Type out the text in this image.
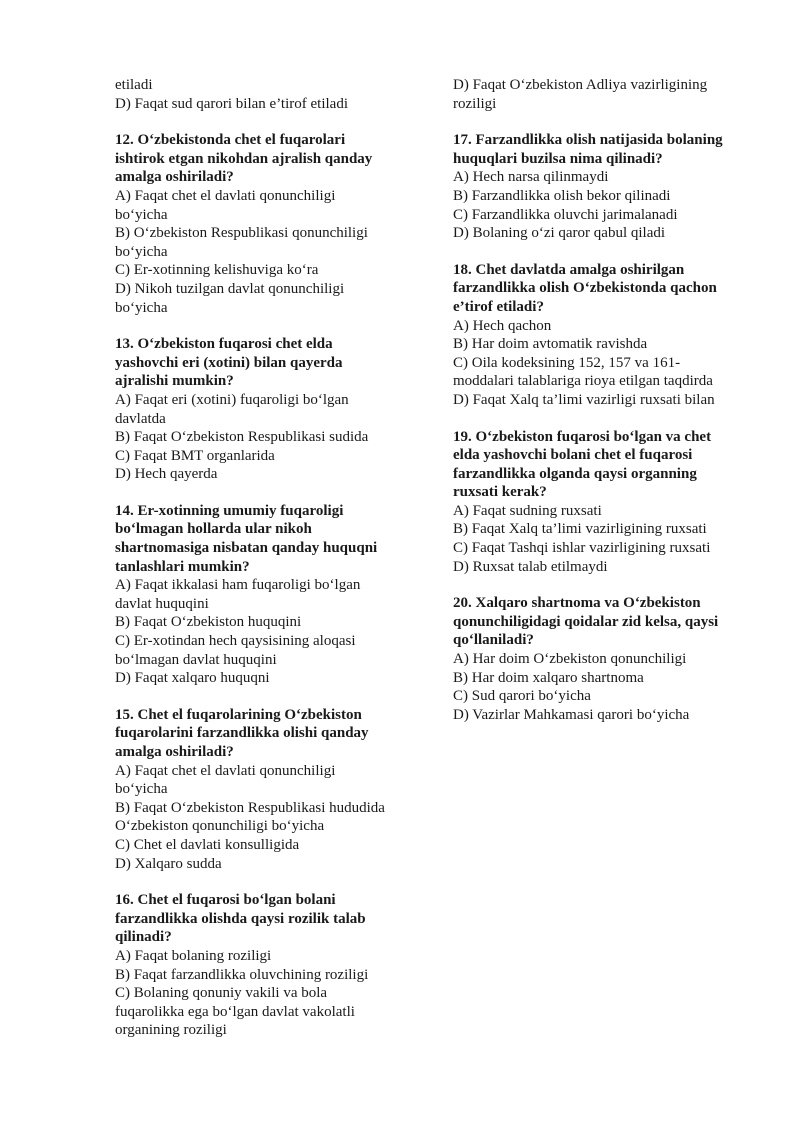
etiladi
D) Faqat sud qarori bilan e’tirof etiladi
12. O‘zbekistonda chet el fuqarolari
ishtirok etgan nikohdan ajralish qanday
amalga oshiriladi?
A) Faqat chet el davlati qonunchiligi
bo‘yicha
B) O‘zbekiston Respublikasi qonunchiligi
bo‘yicha
C) Er-xotinning kelishuviga ko‘ra
D) Nikoh tuzilgan davlat qonunchiligi
bo‘yicha
13. O‘zbekiston fuqarosi chet elda
yashovchi eri (xotini) bilan qayerda
ajralishi mumkin?
A) Faqat eri (xotini) fuqaroligi bo‘lgan
davlatda
B) Faqat O‘zbekiston Respublikasi sudida
C) Faqat BMT organlarida
D) Hech qayerda
14. Er-xotinning umumiy fuqaroligi
bo‘lmagan hollarda ular nikoh
shartnomasiga nisbatan qanday huquqni
tanlashlari mumkin?
A) Faqat ikkalasi ham fuqaroligi bo‘lgan
davlat huquqini
B) Faqat O‘zbekiston huquqini
C) Er-xotindan hech qaysisining aloqasi
bo‘lmagan davlat huquqini
D) Faqat xalqaro huquqni
15. Chet el fuqarolarining O‘zbekiston
fuqarolarini farzandlikka olishi qanday
amalga oshiriladi?
A) Faqat chet el davlati qonunchiligi
bo‘yicha
B) Faqat O‘zbekiston Respublikasi hududida
O‘zbekiston qonunchiligi bo‘yicha
C) Chet el davlati konsulligida
D) Xalqaro sudda
16. Chet el fuqarosi bo‘lgan bolani
farzandlikka olishda qaysi rozilik talab
qilinadi?
A) Faqat bolaning roziligi
B) Faqat farzandlikka oluvchining roziligi
C) Bolaning qonuniy vakili va bola
fuqarolikka ega bo‘lgan davlat vakolatli
organining roziligi
D) Faqat O‘zbekiston Adliya vazirligining
roziligi
17. Farzandlikka olish natijasida bolaning
huquqlari buzilsa nima qilinadi?
A) Hech narsa qilinmaydi
B) Farzandlikka olish bekor qilinadi
C) Farzandlikka oluvchi jarimalanadi
D) Bolaning o‘zi qaror qabul qiladi
18. Chet davlatda amalga oshirilgan
farzandlikka olish O‘zbekistonda qachon
e’tirof etiladi?
A) Hech qachon
B) Har doim avtomatik ravishda
C) Oila kodeksining 152, 157 va 161-
moddalari talablariga rioya etilgan taqdirda
D) Faqat Xalq ta’limi vazirligi ruxsati bilan
19. O‘zbekiston fuqarosi bo‘lgan va chet
elda yashovchi bolani chet el fuqarosi
farzandlikka olganda qaysi organning
ruxsati kerak?
A) Faqat sudning ruxsati
B) Faqat Xalq ta’limi vazirligining ruxsati
C) Faqat Tashqi ishlar vazirligining ruxsati
D) Ruxsat talab etilmaydi
20. Xalqaro shartnoma va O‘zbekiston
qonunchiligidagi qoidalar zid kelsa, qaysi
qo‘llaniladi?
A) Har doim O‘zbekiston qonunchiligi
B) Har doim xalqaro shartnoma
C) Sud qarori bo‘yicha
D) Vazirlar Mahkamasi qarori bo‘yicha
